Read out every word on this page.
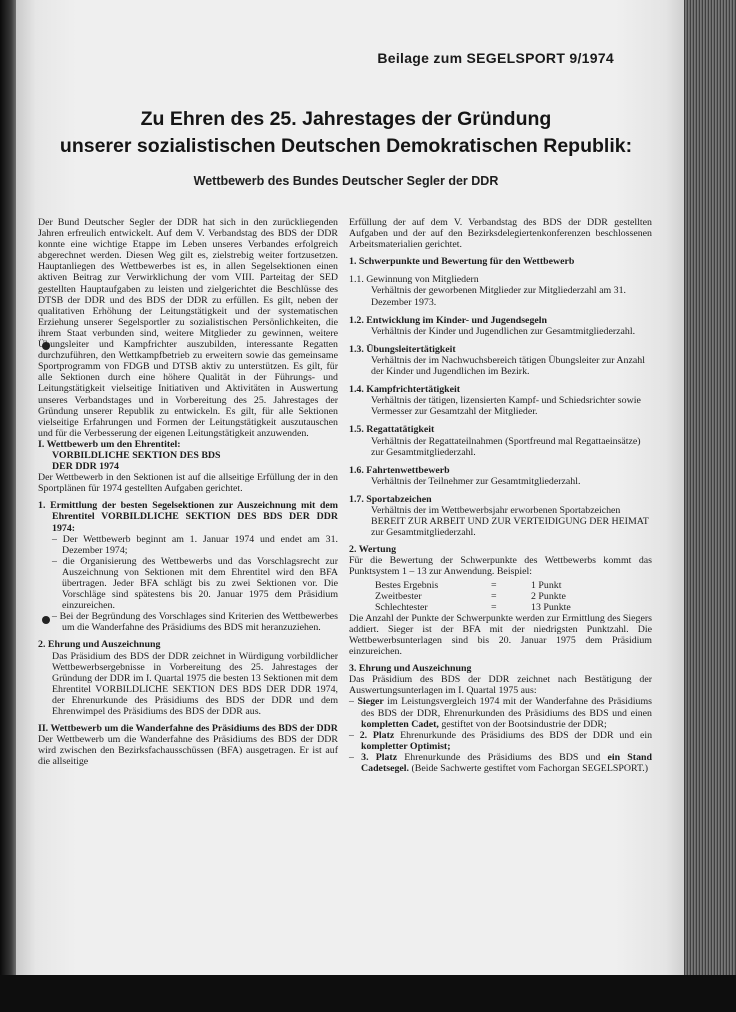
Beilage zum SEGELSPORT 9/1974

Zu Ehren des 25. Jahrestages der Gründung
unserer sozialistischen Deutschen Demokratischen Republik:
Wettbewerb des Bundes Deutscher Segler der DDR

Der Bund Deutscher Segler der DDR hat sich in den zurückliegenden Jahren erfreulich entwickelt. Auf dem V. Verbandstag des BDS der DDR konnte eine wichtige Etappe im Leben unseres Verbandes erfolgreich abgerechnet werden. Diesen Weg gilt es, zielstrebig weiter fortzusetzen. Hauptanliegen des Wettbewerbes ist es, in allen Segelsektionen einen aktiven Beitrag zur Verwirklichung der vom VIII. Parteitag der SED gestellten Hauptaufgaben zu leisten und zielgerichtet die Beschlüsse des DTSB der DDR und des BDS der DDR zu erfüllen. Es gilt, neben der qualitativen Erhöhung der Leitungstätigkeit und der systematischen Erziehung unserer Segelsportler zu sozialistischen Persönlichkeiten, die ihrem Staat verbunden sind, weitere Mitglieder zu gewinnen, weitere Übungsleiter und Kampfrichter auszubilden, interessante Regatten durchzuführen, den Wettkampfbetrieb zu erweitern sowie das gemeinsame Sportprogramm von FDGB und DTSB aktiv zu unterstützen. Es gilt, für alle Sektionen durch eine höhere Qualität in der Führungs- und Leitungstätigkeit vielseitige Initiativen und Aktivitäten in Auswertung unseres Verbandstages und in Vorbereitung des 25. Jahrestages der Gründung unserer Republik zu entwickeln. Es gilt, für alle Sektionen vielseitige Erfahrungen und Formen der Leitungstätigkeit auszutauschen und für die Verbesserung der eigenen Leitungstätigkeit anzuwenden.

I. Wettbewerb um den Ehrentitel:

VORBILDLICHE SEKTION DES BDS

DER DDR 1974

Der Wettbewerb in den Sektionen ist auf die allseitige Erfüllung der in den Sportplänen für 1974 gestellten Aufgaben gerichtet.

1. Ermittlung der besten Segelsektionen zur Auszeichnung mit dem Ehrentitel VORBILDLICHE SEKTION DES BDS DER DDR 1974:

– Der Wettbewerb beginnt am 1. Januar 1974 und endet am 31. Dezember 1974;

– die Organisierung des Wettbewerbs und das Vorschlagsrecht zur Auszeichnung von Sektionen mit dem Ehrentitel wird den BFA übertragen. Jeder BFA schlägt bis zu zwei Sektionen vor. Die Vorschläge sind spätestens bis 20. Januar 1975 dem Präsidium einzureichen.

– Bei der Begründung des Vorschlages sind Kriterien des Wettbewerbes um die Wanderfahne des Präsidiums des BDS mit heranzuziehen.

2. Ehrung und Auszeichnung

Das Präsidium des BDS der DDR zeichnet in Würdigung vorbildlicher Wettbewerbsergebnisse in Vorbereitung des 25. Jahrestages der Gründung der DDR im I. Quartal 1975 die besten 13 Sektionen mit dem Ehrentitel VORBILDLICHE SEKTION DES BDS DER DDR 1974, der Ehrenurkunde des Präsidiums des BDS der DDR und dem Ehrenwimpel des Präsidiums des BDS der DDR aus.

II. Wettbewerb um die Wanderfahne des Präsidiums des BDS der DDR

Der Wettbewerb um die Wanderfahne des Präsidiums des BDS der DDR wird zwischen den Bezirksfachausschüssen (BFA) ausgetragen. Er ist auf die allseitige

Erfüllung der auf dem V. Verbandstag des BDS der DDR gestellten Aufgaben und der auf den Bezirksdelegiertenkonferenzen beschlossenen Arbeitsmaterialien gerichtet.

1. Schwerpunkte und Bewertung für den Wettbewerb

1.1. Gewinnung von Mitgliedern
Verhältnis der geworbenen Mitglieder zur Mitgliederzahl am 31. Dezember 1973.
1.2. Entwicklung im Kinder- und Jugendsegeln
Verhältnis der Kinder und Jugendlichen zur Gesamtmitgliederzahl.
1.3. Übungsleitertätigkeit
Verhältnis der im Nachwuchsbereich tätigen Übungsleiter zur Anzahl der Kinder und Jugendlichen im Bezirk.
1.4. Kampfrichtertätigkeit
Verhältnis der tätigen, lizensierten Kampf- und Schiedsrichter sowie Vermesser zur Gesamtzahl der Mitglieder.
1.5. Regattatätigkeit
Verhältnis der Regattateilnahmen (Sportfreund mal Regattaeinsätze) zur Gesamtmitgliederzahl.
1.6. Fahrtenwettbewerb
Verhältnis der Teilnehmer zur Gesamtmitgliederzahl.
1.7. Sportabzeichen
Verhältnis der im Wettbewerbsjahr erworbenen Sportabzeichen BEREIT ZUR ARBEIT UND ZUR VERTEIDIGUNG DER HEIMAT zur Gesamtmitgliederzahl.

2. Wertung

Für die Bewertung der Schwerpunkte des Wettbewerbs kommt das Punktsystem 1 – 13 zur Anwendung. Beispiel:

Bestes Ergebnis	=	1 Punkt
Zweitbester	=	2 Punkte
Schlechtester	=	13 Punkte

Die Anzahl der Punkte der Schwerpunkte werden zur Ermittlung des Siegers addiert. Sieger ist der BFA mit der niedrigsten Punktzahl. Die Wettbewerbsunterlagen sind bis 20. Januar 1975 dem Präsidium einzureichen.

3. Ehrung und Auszeichnung

Das Präsidium des BDS der DDR zeichnet nach Bestätigung der Auswertungsunterlagen im I. Quartal 1975 aus:

– Sieger im Leistungsvergleich 1974 mit der Wanderfahne des Präsidiums des BDS der DDR, Ehrenurkunden des Präsidiums des BDS und einen kompletten Cadet, gestiftet von der Bootsindustrie der DDR;

– 2. Platz Ehrenurkunde des Präsidiums des BDS der DDR und ein kompletter Optimist;

– 3. Platz Ehrenurkunde des Präsidiums des BDS und ein Stand Cadetsegel. (Beide Sachwerte gestiftet vom Fachorgan SEGELSPORT.)
